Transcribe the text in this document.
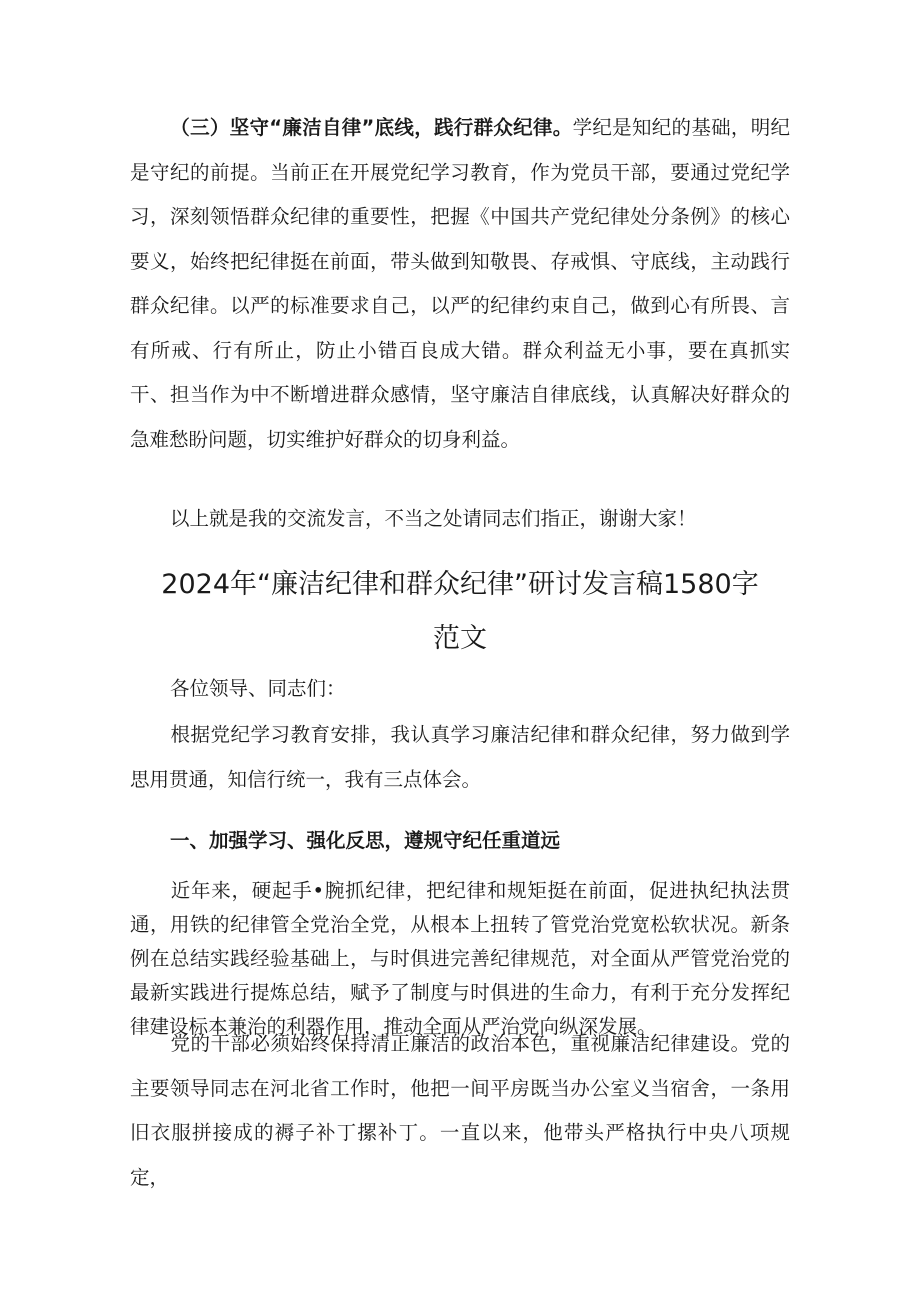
（三）坚守“廉洁自律”底线，践行群众纪律。学纪是知纪的基础，明纪是守纪的前提。当前正在开展党纪学习教育，作为党员干部，要通过党纪学习，深刻领悟群众纪律的重要性，把握《中国共产党纪律处分条例》的核心要义，始终把纪律挺在前面，带头做到知敬畏、存戒惧、守底线，主动践行群众纪律。以严的标准要求自己，以严的纪律约束自己，做到心有所畏、言有所戒、行有所止，防止小错百良成大错。群众利益无小事，要在真抓实干、担当作为中不断增进群众感情，坚守廉洁自律底线，认真解决好群众的急难愁盼问题，切实维护好群众的切身利益。

以上就是我的交流发言，不当之处请同志们指正，谢谢大家！

2024年“廉洁纪律和群众纪律”研讨发言稿1580字
范文

各位领导、同志们：

根据党纪学习教育安排，我认真学习廉洁纪律和群众纪律，努力做到学思用贯通，知信行统一，我有三点体会。

一、加强学习、强化反思，遵规守纪任重道远

近年来，硬起手•腕抓纪律，把纪律和规矩挺在前面，促进执纪执法贯通，用铁的纪律管全党治全党，从根本上扭转了管党治党宽松软状况。新条例在总结实践经验基础上，与时俱进完善纪律规范，对全面从严管党治党的最新实践进行提炼总结，赋予了制度与时俱进的生命力，有利于充分发挥纪律建设标本兼治的利器作用，推动全面从严治党向纵深发展。

党的干部必须始终保持清正廉洁的政治本色，重视廉洁纪律建设。党的主要领导同志在河北省工作时，他把一间平房既当办公室义当宿舍，一条用旧衣服拼接成的褥子补丁摞补丁。一直以来，他带头严格执行中央八项规定，
